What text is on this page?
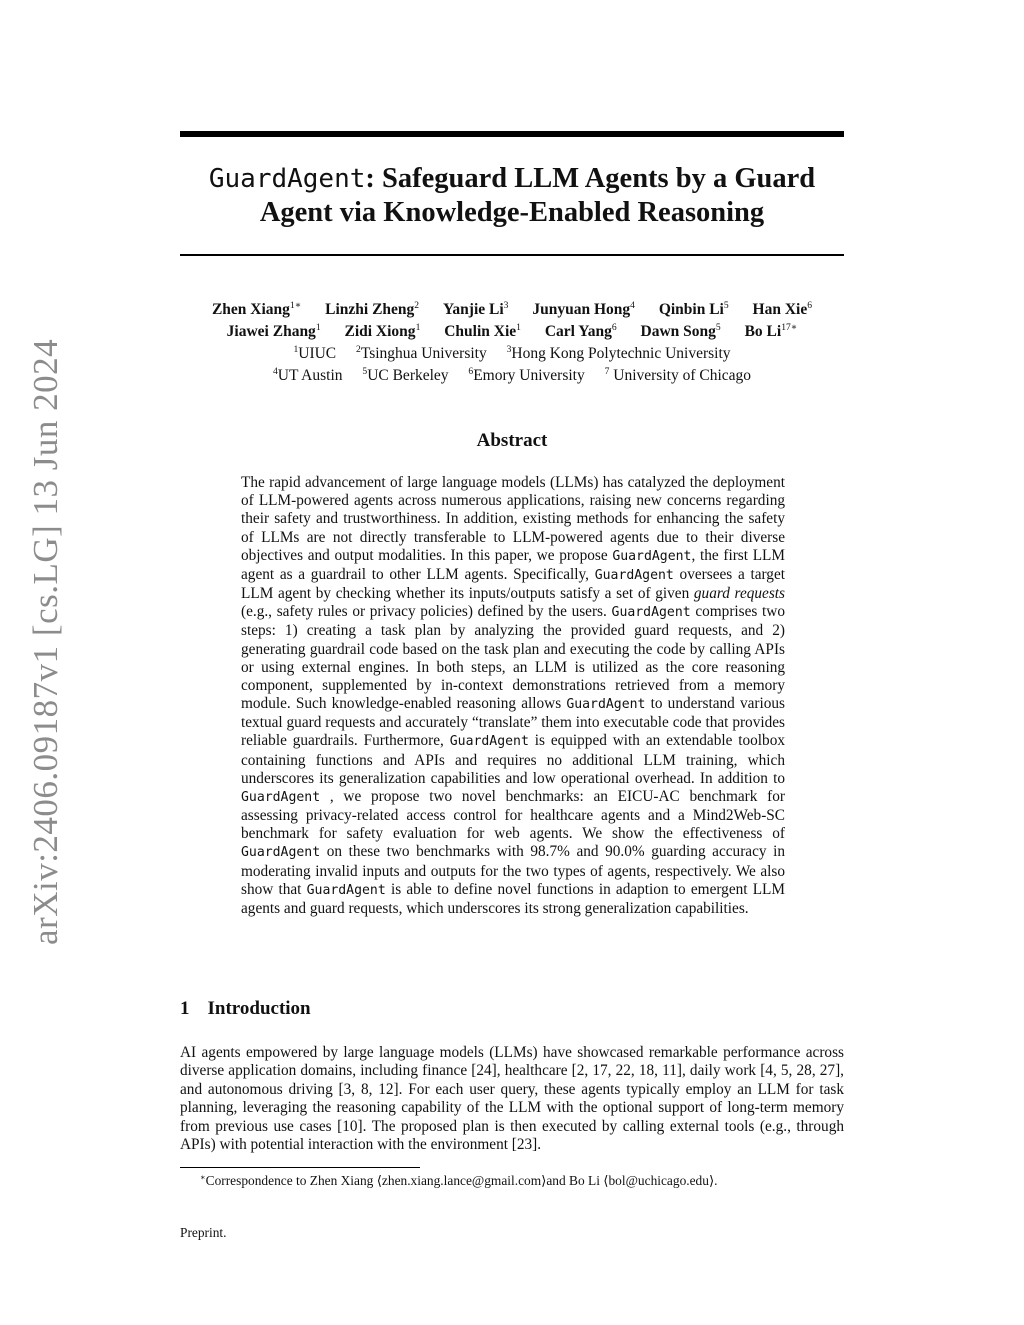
arXiv:2406.09187v1 [cs.LG] 13 Jun 2024
GuardAgent: Safeguard LLM Agents by a Guard Agent via Knowledge-Enabled Reasoning

Zhen Xiang$^{1∗}$ Linzhi Zheng$^2$ Yanjie Li$^3$ Junyuan Hong$^4$ Qinbin Li$^5$ Han Xie$^6$

Jiawei Zhang$^1$ Zidi Xiong$^1$ Chulin Xie$^1$ Carl Yang$^6$ Dawn Song$^5$ Bo $Li^{17∗}$

$^1$UIUC $^2$Tsinghua University $^3$Hong Kong Polytechnic University

$^4$UT Austin $^5$UC Berkeley $^6$Emory University $^7$ University of Chicago

Abstract

The rapid advancement of large language models (LLMs) has catalyzed the deployment of LLM-powered agents across numerous applications, raising new concerns regarding their safety and trustworthiness. In addition, existing methods for enhancing the safety of LLMs are not directly transferable to LLM-powered agents due to their diverse objectives and output modalities. In this paper, we propose GuardAgent, the first LLM agent as a guardrail to other LLM agents. Specifically, GuardAgent oversees a target LLM agent by checking whether its inputs/outputs satisfy a set of given guard requests (e.g., safety rules or privacy policies) defined by the users. GuardAgent comprises two steps: 1) creating a task plan by analyzing the provided guard requests, and 2) generating guardrail code based on the task plan and executing the code by calling APIs or using external engines. In both steps, an LLM is utilized as the core reasoning component, supplemented by in-context demonstrations retrieved from a memory module. Such knowledge-enabled reasoning allows GuardAgent to understand various textual guard requests and accurately “translate” them into executable code that provides reliable guardrails. Furthermore, GuardAgent is equipped with an extendable toolbox containing functions and APIs and requires no additional LLM training, which underscores its generalization capabilities and low operational overhead. In addition to GuardAgent , we propose two novel benchmarks: an EICU-AC benchmark for assessing privacy-related access control for healthcare agents and a Mind2Web-SC benchmark for safety evaluation for web agents. We show the effectiveness of GuardAgent on these two benchmarks with 98.7% and 90.0% guarding accuracy in moderating invalid inputs and outputs for the two types of agents, respectively. We also show that GuardAgent is able to define novel functions in adaption to emergent LLM agents and guard requests, which underscores its strong generalization capabilities.

1 Introduction

AI agents empowered by large language models (LLMs) have showcased remarkable performance across diverse application domains, including finance [24], healthcare [2, 17, 22, 18, 11], daily work [4, 5, 28, 27], and autonomous driving [3, 8, 12]. For each user query, these agents typically employ an LLM for task planning, leveraging the reasoning capability of the LLM with the optional support of long-term memory from previous use cases [10]. The proposed plan is then executed by calling external tools (e.g., through APIs) with potential interaction with the environment [23].

∗Correspondence to Zhen Xiang ⟨zhen.xiang.lance@gmail.com⟩and Bo Li ⟨bol@uchicago.edu⟩.

Preprint.
